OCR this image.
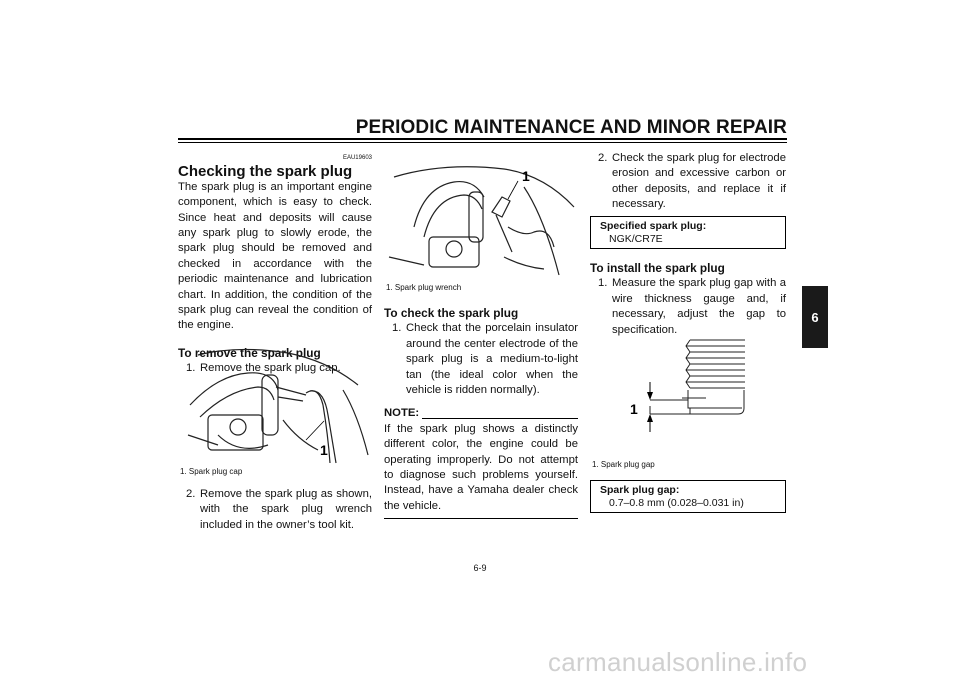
PERIODIC MAINTENANCE AND MINOR REPAIR
6
EAU19603
Checking the spark plug
The spark plug is an important engine component, which is easy to check. Since heat and deposits will cause any spark plug to slowly erode, the spark plug should be removed and checked in accordance with the periodic maintenance and lubrication chart. In addition, the condition of the spark plug can reveal the condition of the engine.
To remove the spark plug
1. Remove the spark plug cap.
1
1. Spark plug cap
2. Remove the spark plug as shown, with the spark plug wrench included in the owner’s tool kit.
1
1. Spark plug wrench
To check the spark plug
1. Check that the porcelain insulator around the center electrode of the spark plug is a medium-to-light tan (the ideal color when the vehicle is ridden normally).
NOTE:
If the spark plug shows a distinctly different color, the engine could be operating improperly. Do not attempt to diagnose such problems yourself. Instead, have a Yamaha dealer check the vehicle.
2. Check the spark plug for electrode erosion and excessive carbon or other deposits, and replace it if necessary.
Specified spark plug:
NGK/CR7E
To install the spark plug
1. Measure the spark plug gap with a wire thickness gauge and, if necessary, adjust the gap to specification.
1
1. Spark plug gap
Spark plug gap:
0.7–0.8 mm (0.028–0.031 in)
6-9
carmanualsonline.info
